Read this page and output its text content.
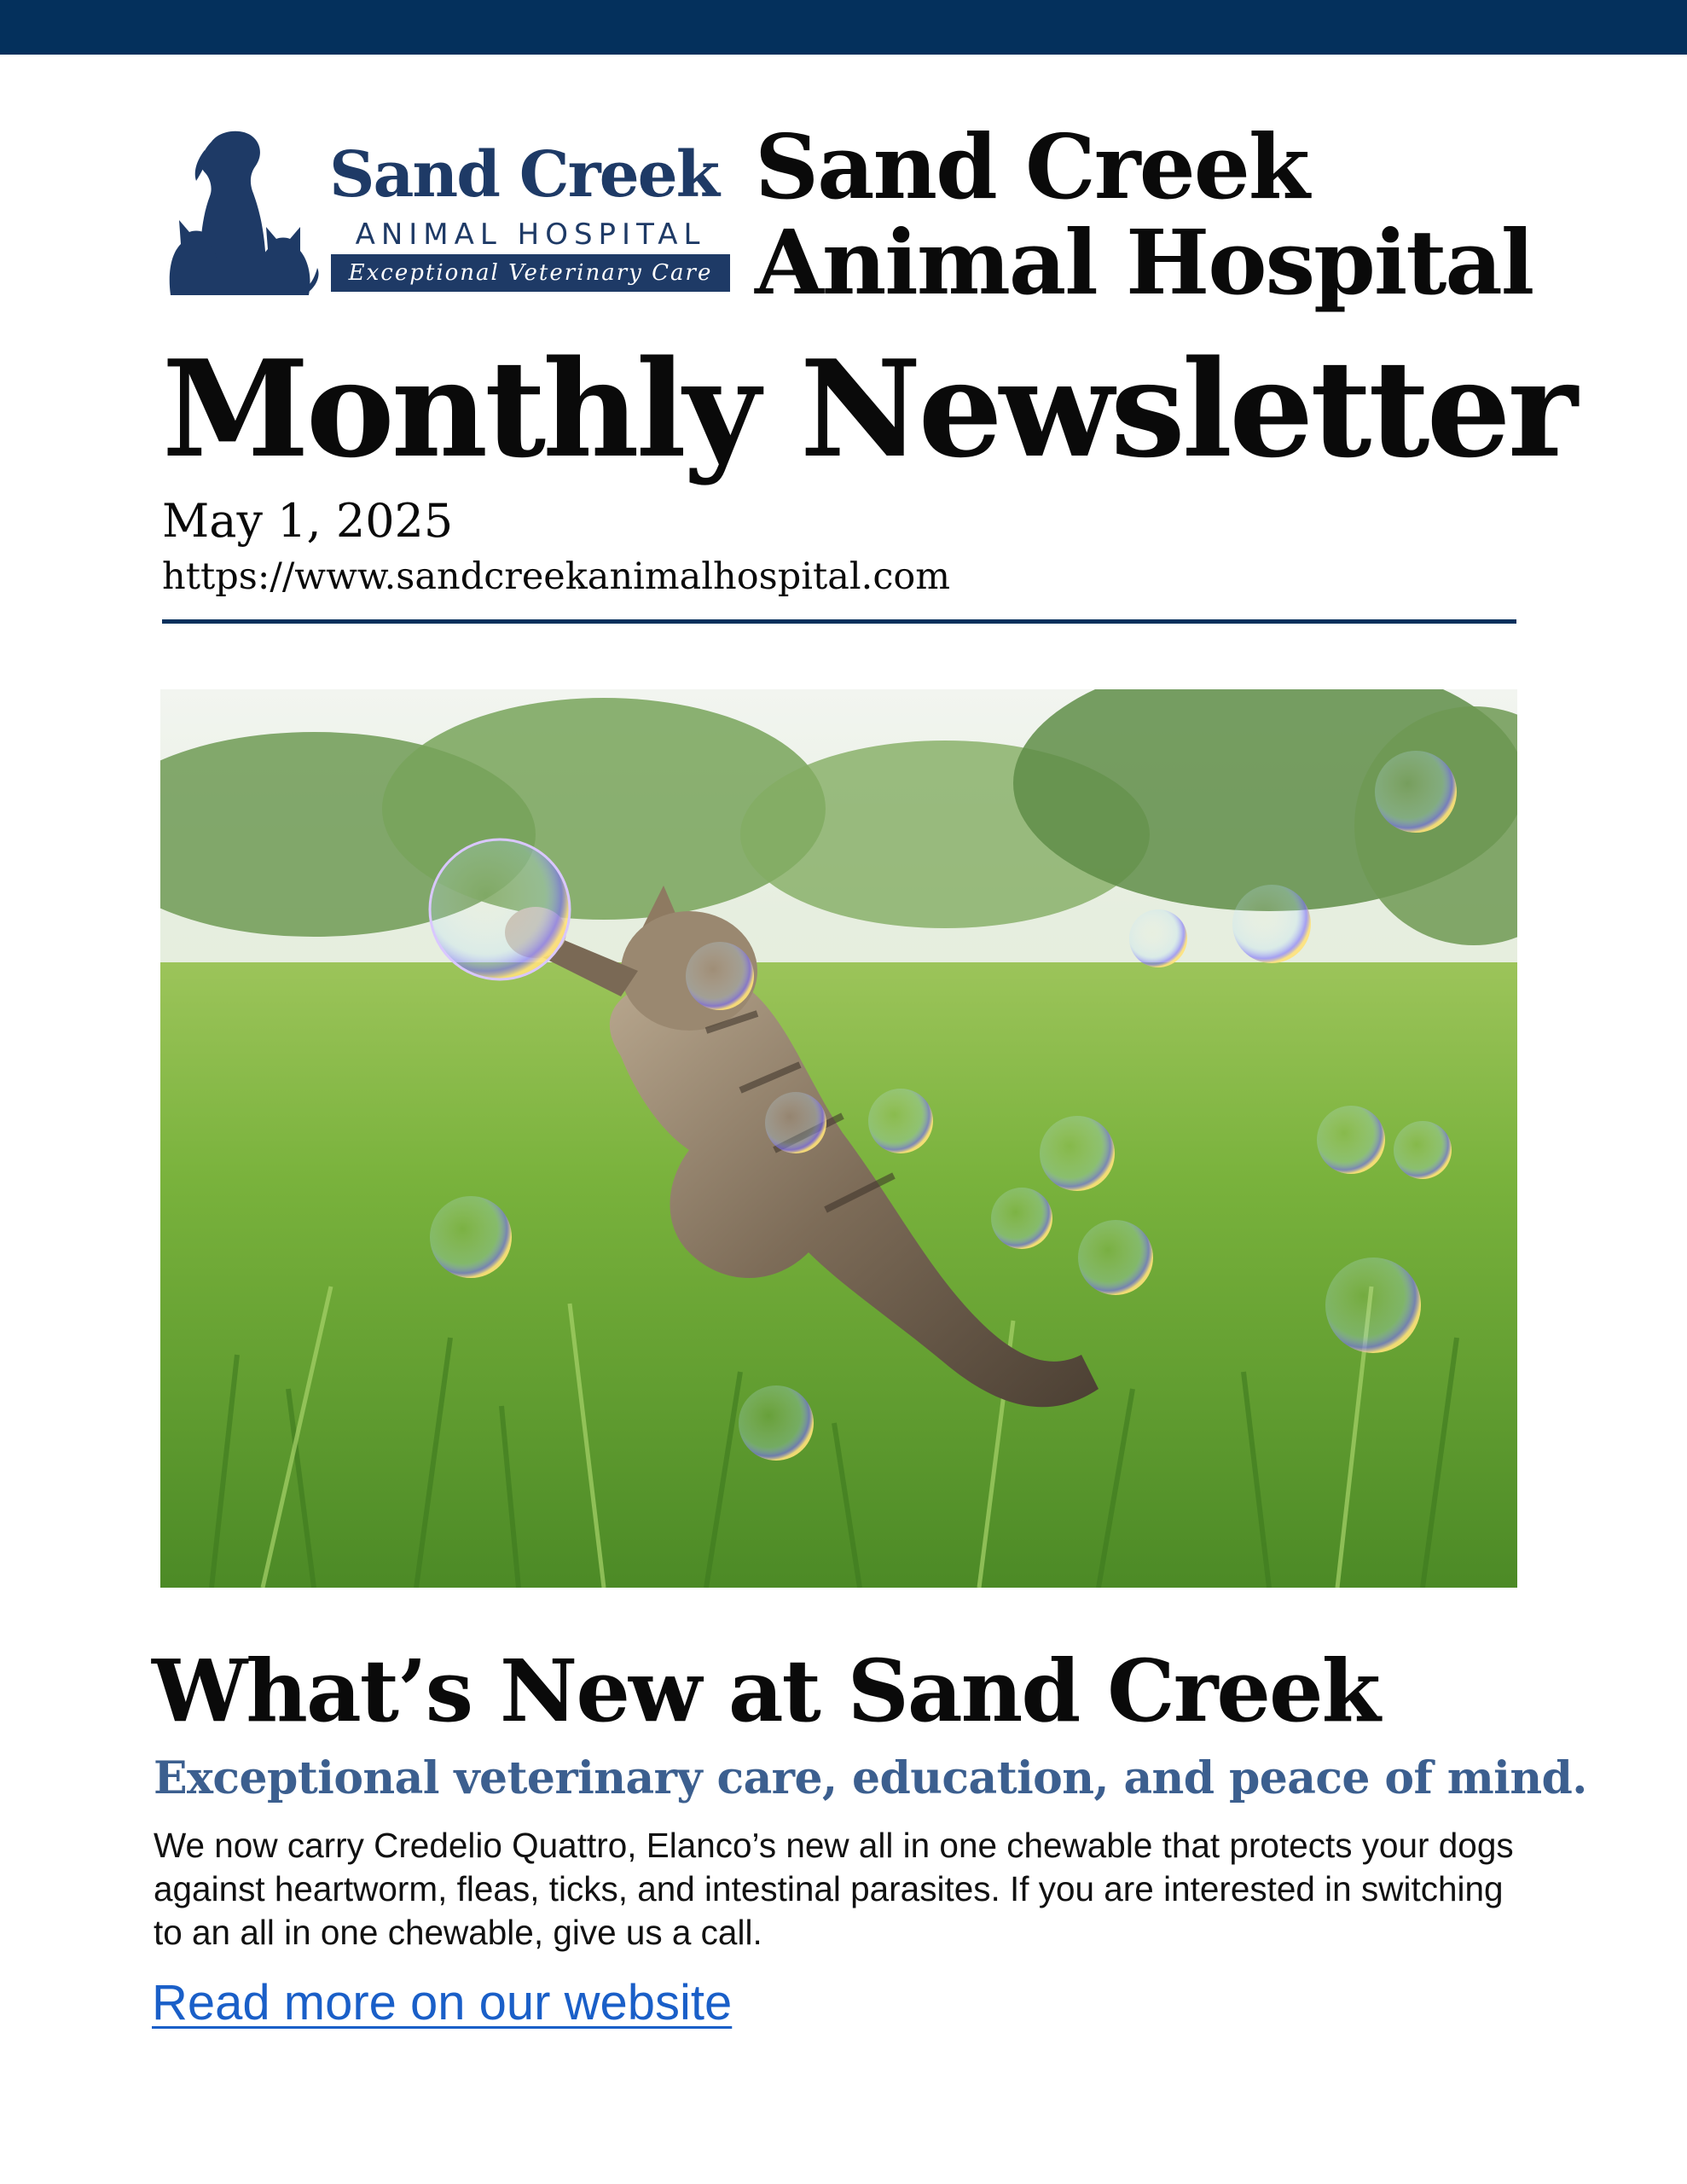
Sand Creek
ANIMAL HOSPITAL
Exceptional Veterinary Care
Sand Creek
Animal Hospital
Monthly Newsletter
May 1, 2025
https://www.sandcreekanimalhospital.com
What’s New at Sand Creek
Exceptional veterinary care, education, and peace of mind.

We now carry Credelio Quattro, Elanco’s new all in one chewable that protects your dogs against heartworm, fleas, ticks, and intestinal parasites. If you are interested in switching to an all in one chewable, give us a call.

Read more on our website
